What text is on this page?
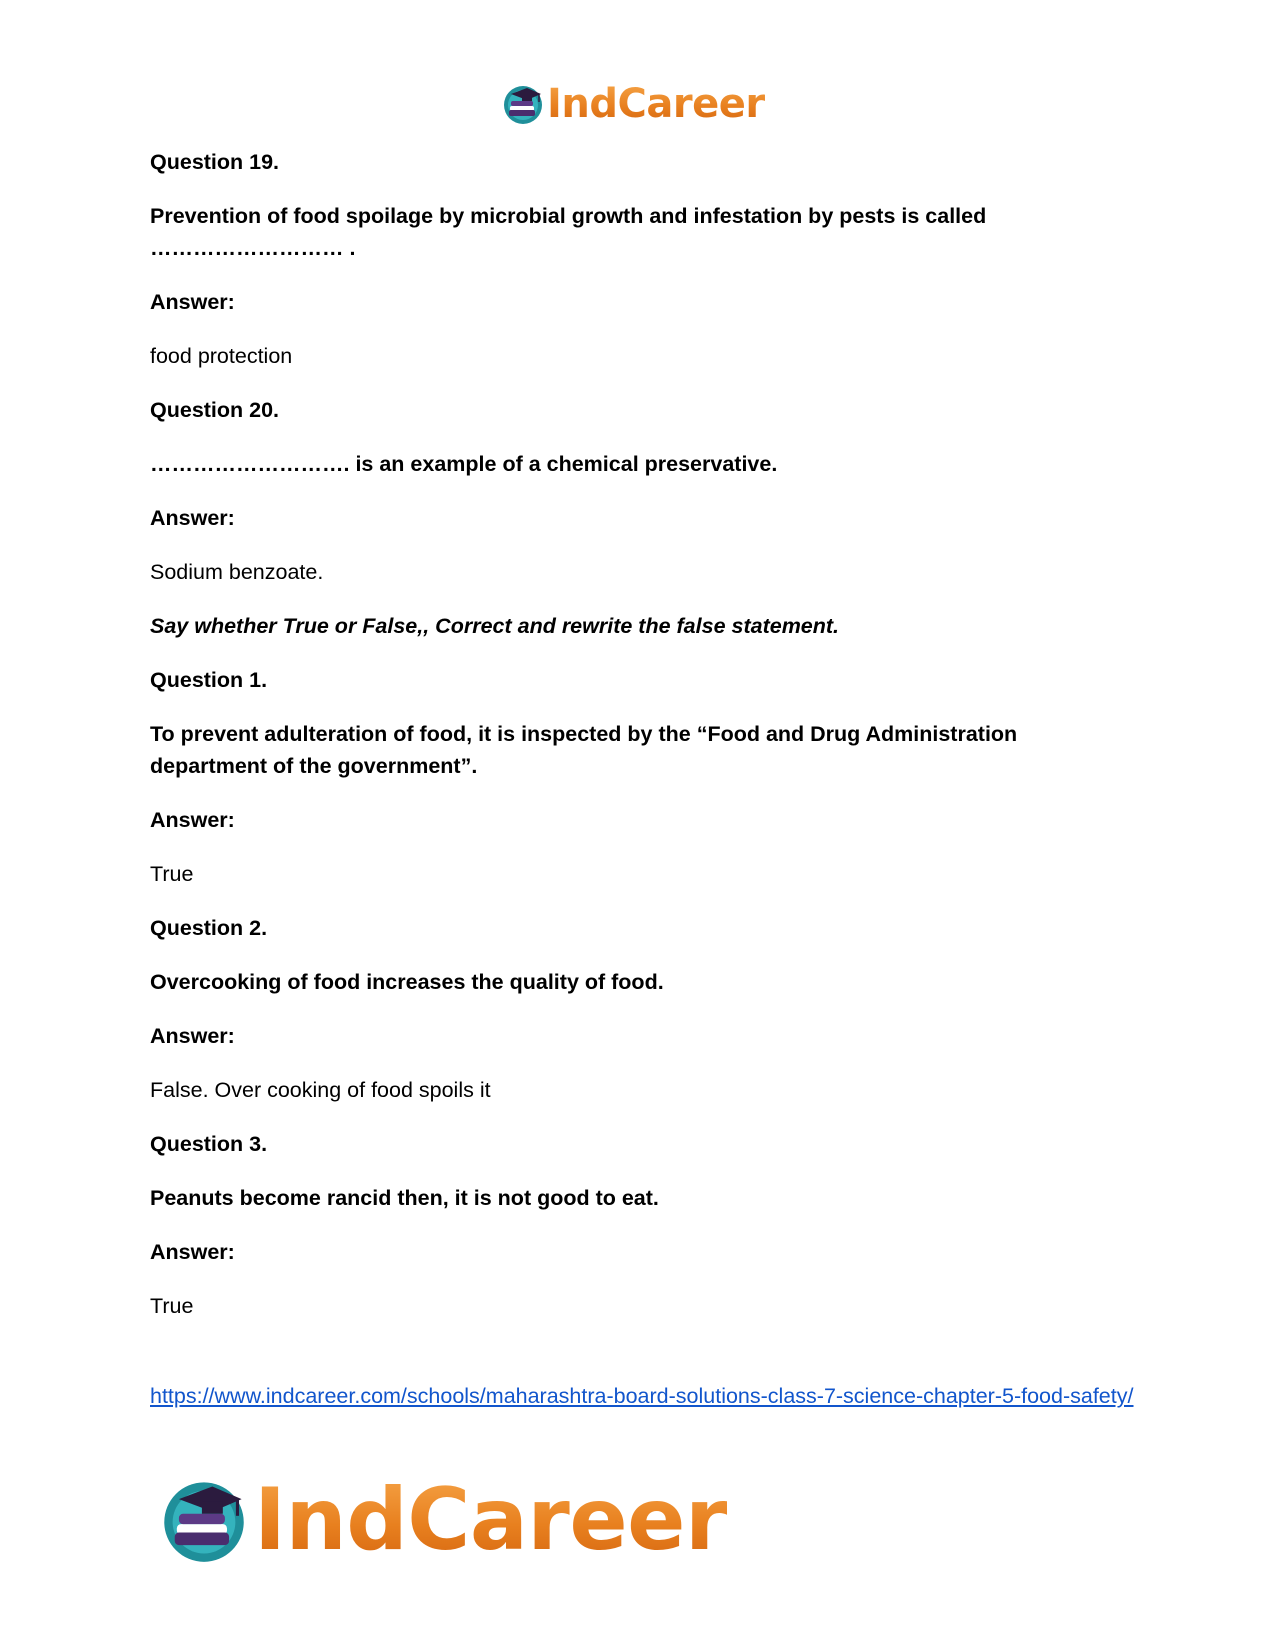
IndCareer

Question 19.

Prevention of food spoilage by microbial growth and infestation by pests is called ……………………… .

Answer:

food protection

Question 20.

………………………. is an example of a chemical preservative.

Answer:

Sodium benzoate.

Say whether True or False,, Correct and rewrite the false statement.

Question 1.

To prevent adulteration of food, it is inspected by the “Food and Drug Administration department of the government”.

Answer:

True

Question 2.

Overcooking of food increases the quality of food.

Answer:

False. Over cooking of food spoils it

Question 3.

Peanuts become rancid then, it is not good to eat.

Answer:

True

https://www.indcareer.com/schools/maharashtra-board-solutions-class-7-science-chapter-5-food-safety/
IndCareer
